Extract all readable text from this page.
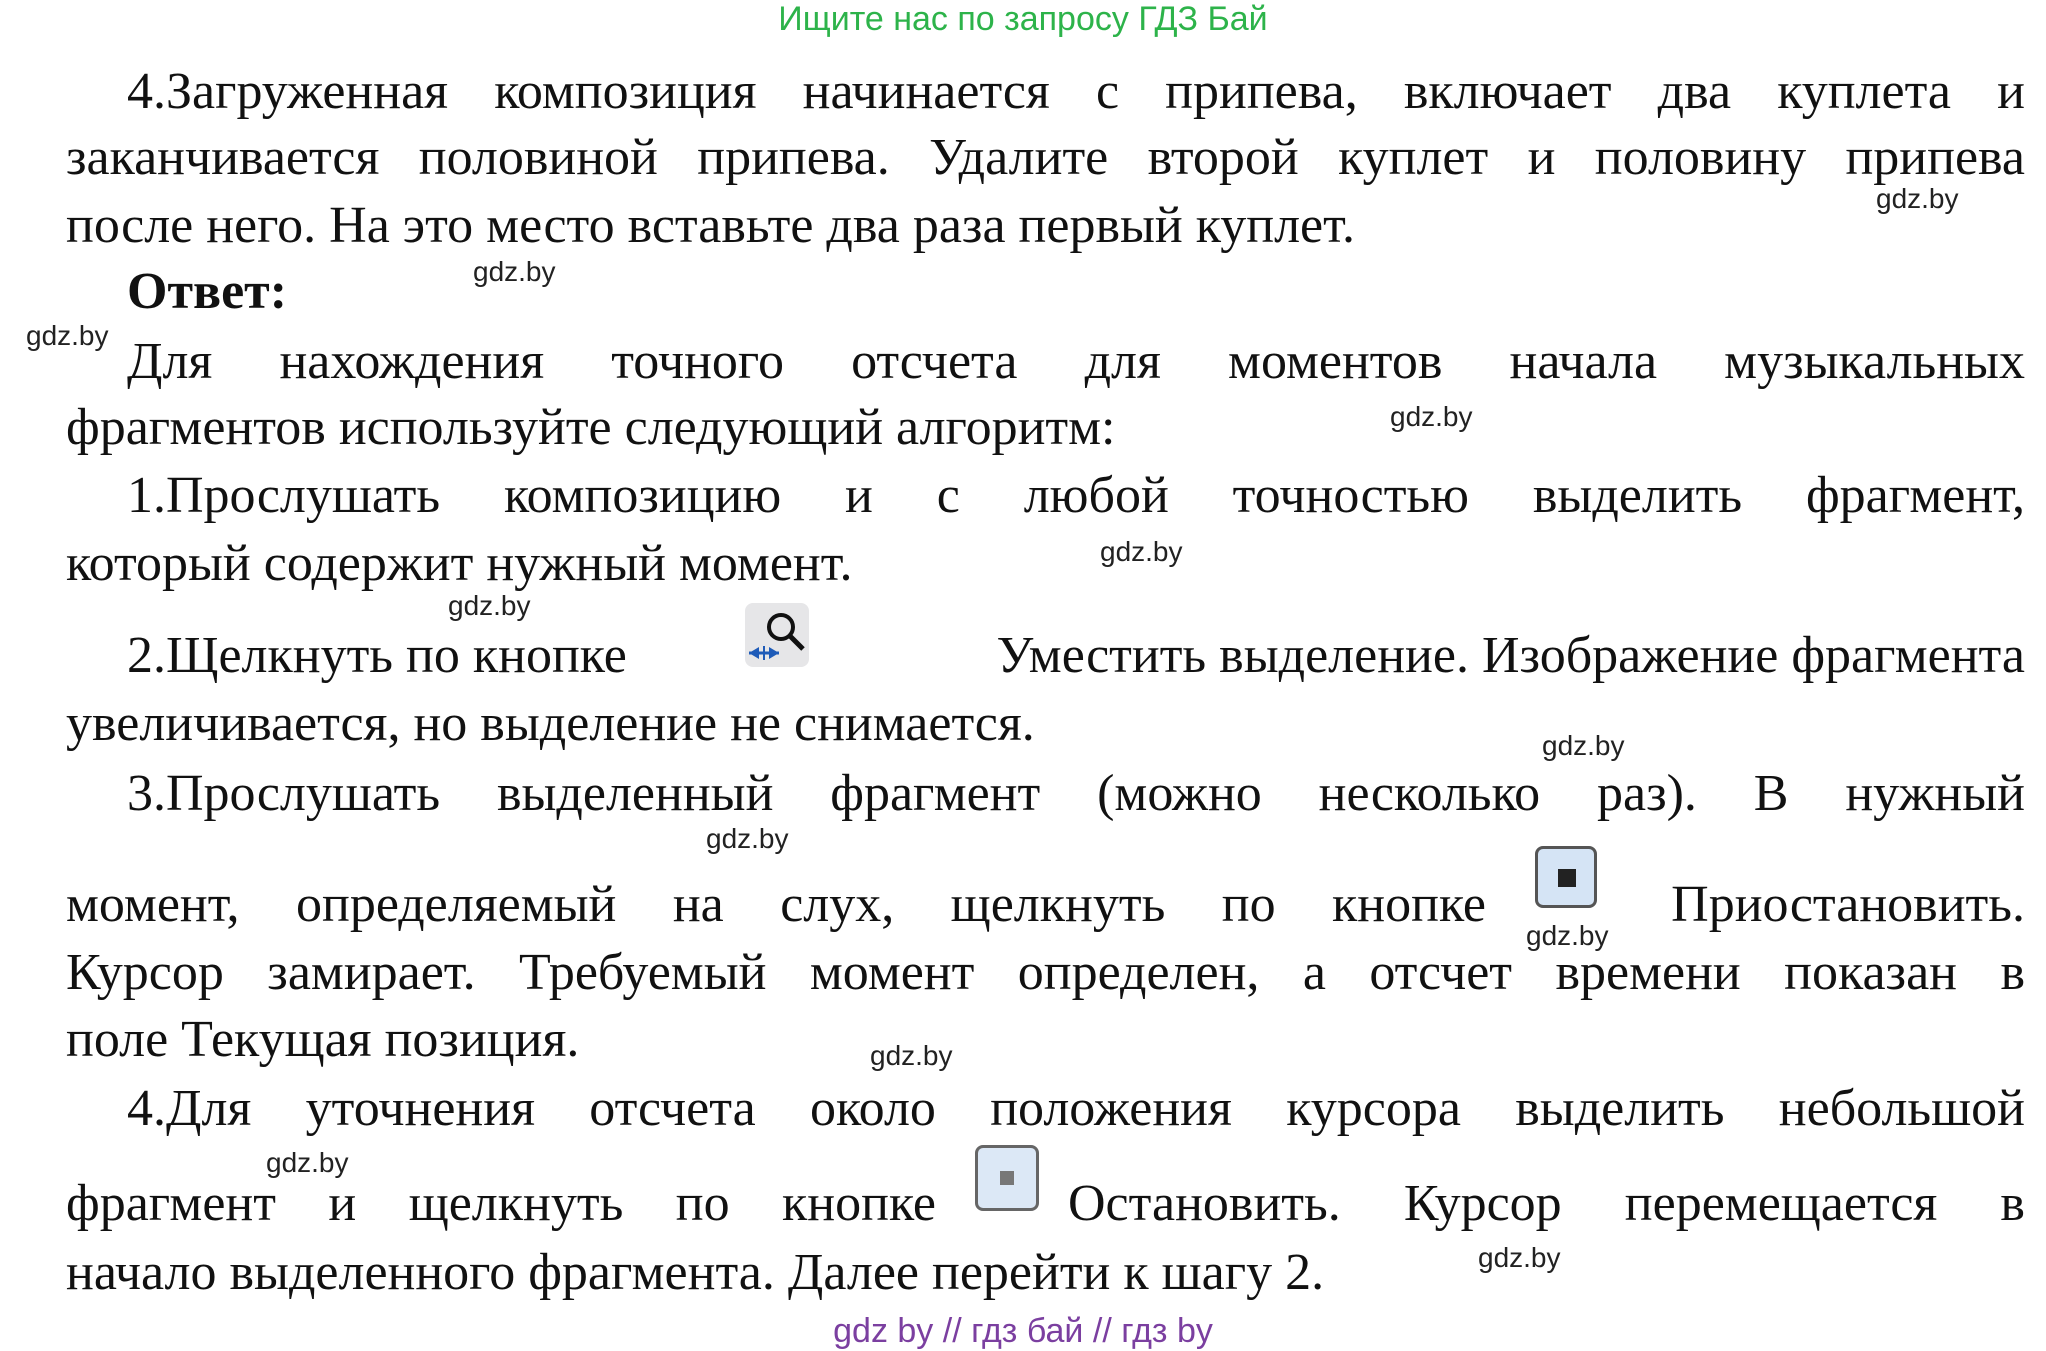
Ищите нас по запросу ГДЗ Бай
4.Загруженная композиция начинается с припева, включает два куплета и
заканчивается половиной припева. Удалите второй куплет и половину припева
после него. На это место вставьте два раза первый куплет.
Ответ:
Для нахождения точного отсчета для моментов начала музыкальных
фрагментов используйте следующий алгоритм:
1.Прослушать композицию и с любой точностью выделить фрагмент,
который содержит нужный момент.
2.Щелкнуть по кнопке	Уместить выделение. Изображение фрагмента
увеличивается, но выделение не снимается.
3.Прослушать выделенный фрагмент (можно несколько раз). В нужный
момент, определяемый на слух, щелкнуть по кнопке	Приостановить.
Курсор замирает. Требуемый момент определен, а отсчет времени показан в
поле Текущая позиция.
4.Для уточнения отсчета около положения курсора выделить небольшой
фрагмент и щелкнуть по кнопке	Остановить. Курсор перемещается в
начало выделенного фрагмента. Далее перейти к шагу 2.
gdz.by
gdz.by
gdz.by
gdz.by
gdz.by
gdz.by
gdz.by
gdz.by
gdz.by
gdz.by
gdz.by
gdz.by
gdz by // гдз бай // гдз by
